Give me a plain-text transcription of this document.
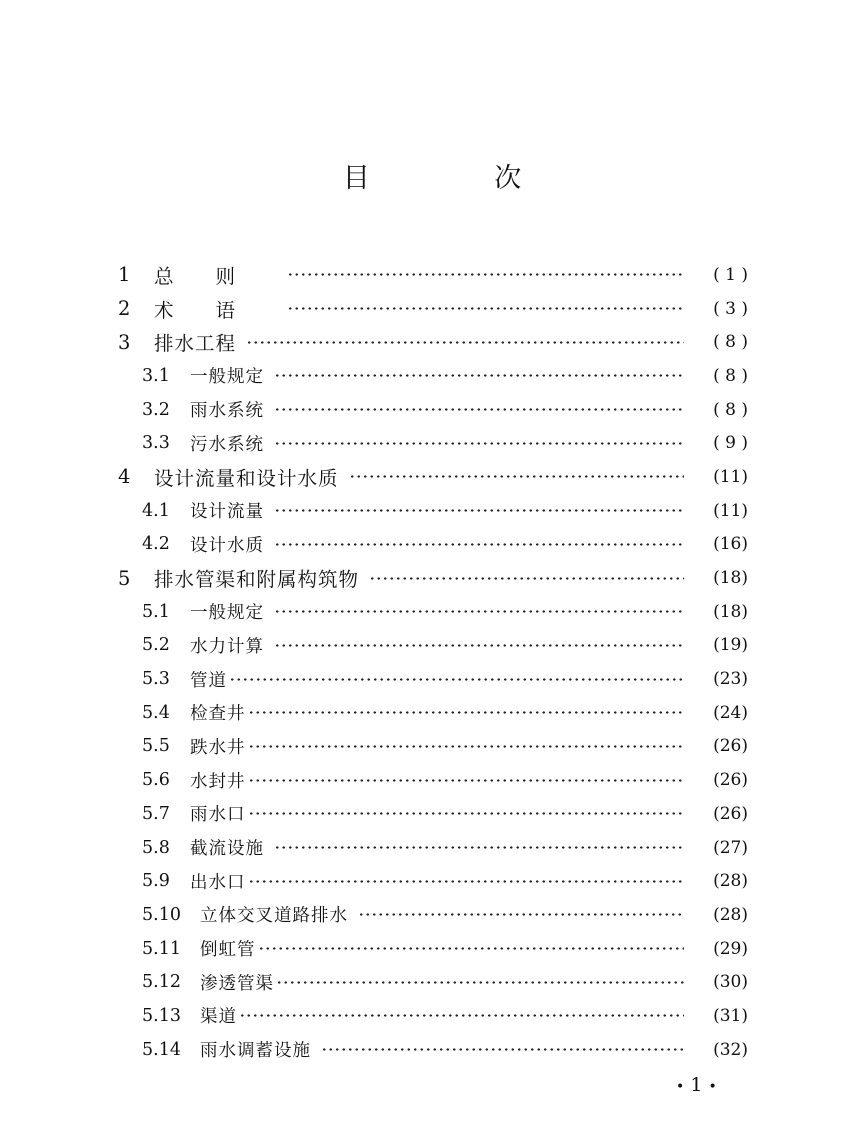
目 次
1	总则	( 1 )
2	术语	( 3 )
3	排水工程	( 8 )
3.1	一般规定	( 8 )
3.2	雨水系统	( 8 )
3.3	污水系统	( 9 )
4	设计流量和设计水质	(11)
4.1	设计流量	(11)
4.2	设计水质	(16)
5	排水管渠和附属构筑物	(18)
5.1	一般规定	(18)
5.2	水力计算	(19)
5.3	管道	(23)
5.4	检查井	(24)
5.5	跌水井	(26)
5.6	水封井	(26)
5.7	雨水口	(26)
5.8	截流设施	(27)
5.9	出水口	(28)
5.10	立体交叉道路排水	(28)
5.11	倒虹管	(29)
5.12	渗透管渠	(30)
5.13	渠道	(31)
5.14	雨水调蓄设施	(32)
• 1 •
